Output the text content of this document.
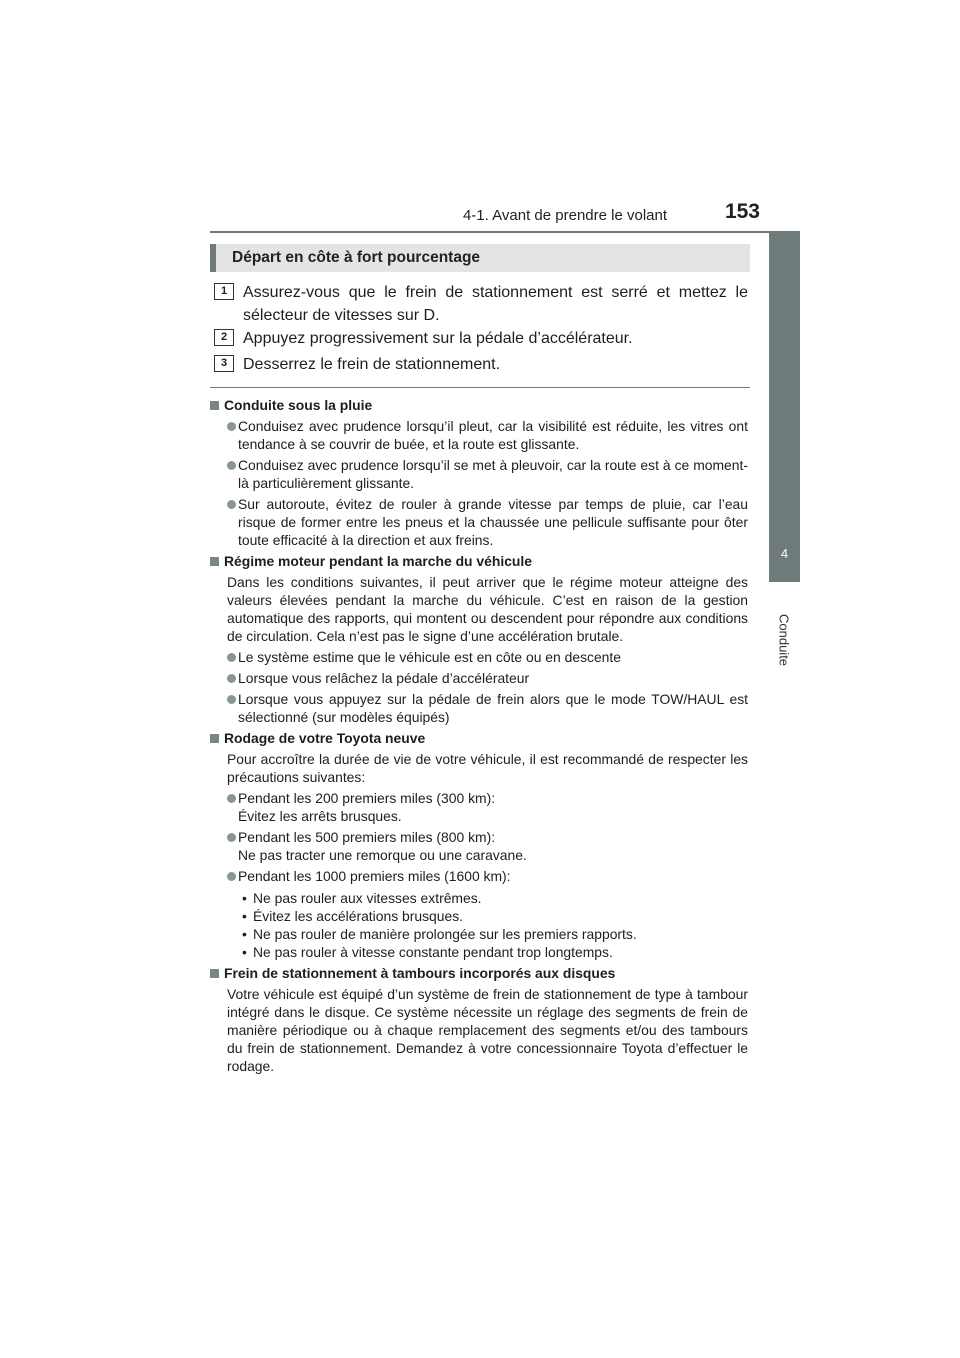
4-1. Avant de prendre le volant	153
4
Conduite
Départ en côte à fort pourcentage
1 Assurez-vous que le frein de stationnement est serré et mettez le sélecteur de vitesses sur D.
2 Appuyez progressivement sur la pédale d’accélérateur.
3 Desserrez le frein de stationnement.
Conduite sous la pluie
Conduisez avec prudence lorsqu’il pleut, car la visibilité est réduite, les vitres ont tendance à se couvrir de buée, et la route est glissante.
Conduisez avec prudence lorsqu’il se met à pleuvoir, car la route est à ce moment-là particulièrement glissante.
Sur autoroute, évitez de rouler à grande vitesse par temps de pluie, car l’eau risque de former entre les pneus et la chaussée une pellicule suffisante pour ôter toute efficacité à la direction et aux freins.
Régime moteur pendant la marche du véhicule
Dans les conditions suivantes, il peut arriver que le régime moteur atteigne des valeurs élevées pendant la marche du véhicule. C’est en raison de la gestion automatique des rapports, qui montent ou descendent pour répondre aux conditions de circulation. Cela n’est pas le signe d’une accélération brutale.
Le système estime que le véhicule est en côte ou en descente
Lorsque vous relâchez la pédale d’accélérateur
Lorsque vous appuyez sur la pédale de frein alors que le mode TOW/HAUL est sélectionné (sur modèles équipés)
Rodage de votre Toyota neuve
Pour accroître la durée de vie de votre véhicule, il est recommandé de respecter les précautions suivantes:
Pendant les 200 premiers miles (300 km):
Évitez les arrêts brusques.
Pendant les 500 premiers miles (800 km):
Ne pas tracter une remorque ou une caravane.
Pendant les 1000 premiers miles (1600 km):
• Ne pas rouler aux vitesses extrêmes.
• Évitez les accélérations brusques.
• Ne pas rouler de manière prolongée sur les premiers rapports.
• Ne pas rouler à vitesse constante pendant trop longtemps.
Frein de stationnement à tambours incorporés aux disques
Votre véhicule est équipé d’un système de frein de stationnement de type à tambour intégré dans le disque. Ce système nécessite un réglage des segments de frein de manière périodique ou à chaque remplacement des segments et/ou des tambours du frein de stationnement. Demandez à votre concessionnaire Toyota d’effectuer le rodage.
